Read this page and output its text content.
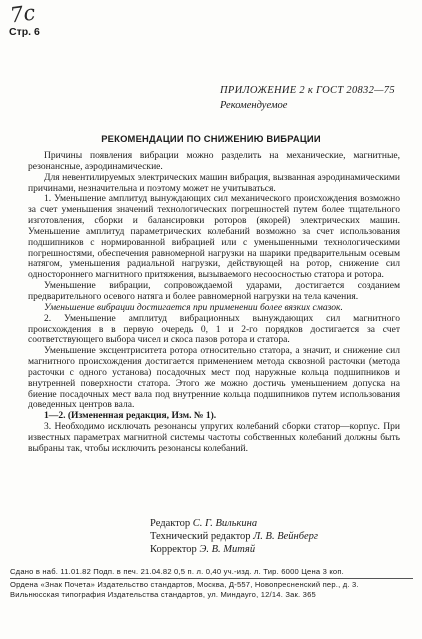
7с
Стр. 6
ПРИЛОЖЕНИЕ 2 к ГОСТ 20832—75
Рекомендуемое
РЕКОМЕНДАЦИИ ПО СНИЖЕНИЮ ВИБРАЦИИ

Причины появления вибрации можно разделить на механические, магнитные, резонансные, аэродинамические.

Для невентилируемых электрических машин вибрация, вызванная аэродинамическими причинами, незначительна и поэтому может не учитываться.

1. Уменьшение амплитуд вынуждающих сил механического происхождения возможно за счет уменьшения значений технологических погрешностей путем более тщательного изготовления, сборки и балансировки роторов (якорей) электрических машин. Уменьшение амплитуд параметрических колебаний возможно за счет использования подшипников с нормированной вибрацией или с уменьшенными технологическими погрешностями, обеспечения равномерной нагрузки на шарики предварительным осевым натягом, уменьшения радиальной нагрузки, действующей на ротор, снижение сил одностороннего магнитного притяжения, вызываемого несоосностью статора и ротора.

Уменьшение вибрации, сопровождаемой ударами, достигается созданием предварительного осевого натяга и более равномерной нагрузки на тела качения.

Уменьшение вибрации достигается при применении более вязких смазок.

2. Уменьшение амплитуд вибрационных вынуждающих сил магнитного происхождения в в первую очередь 0, 1 и 2-го порядков достигается за счет соответствующего выбора чисел и скоса пазов ротора и статора.

Уменьшение эксцентриситета ротора относительно статора, а значит, и снижение сил магнитного происхождения достигается применением метода сквозной расточки (метода расточки с одного установа) посадочных мест под наружные кольца подшипников и внутренней поверхности статора. Этого же можно достичь уменьшением допуска на биение посадочных мест вала под внутренние кольца подшипников путем использования доведенных центров вала.

1—2. (Измененная редакция, Изм. № 1).

3. Необходимо исключать резонансы упругих колебаний сборки статор—корпус. При известных параметрах магнитной системы частоты собственных колебаний должны быть выбраны так, чтобы исключить резонансы колебаний.

Редактор С. Г. Вилькина
Технический редактор Л. В. Вейнберг
Корректор Э. В. Митяй
Сдано в наб. 11.01.82 Подп. в печ. 21.04.82 0,5 п. л. 0,40 уч.-изд. л. Тир. 6000 Цена 3 коп.
Ордена «Знак Почета» Издательство стандартов, Москва, Д-557, Новопресненский пер., д. 3.
Вильнюсская типография Издательства стандартов, ул. Миндауго, 12/14. Зак. 365
